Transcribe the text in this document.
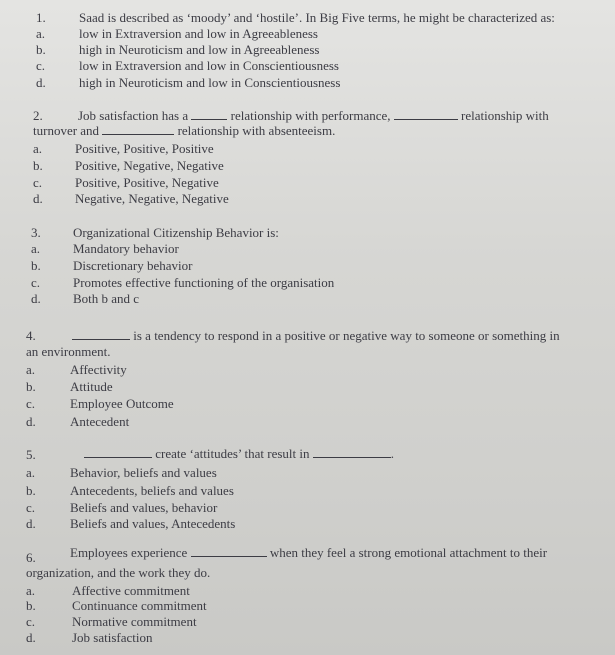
1.	Saad is described as ‘moody’ and ‘hostile’. In Big Five terms, he might be characterized as:
a.	low in Extraversion and low in Agreeableness
b.	high in Neuroticism and low in Agreeableness
c.	low in Extraversion and low in Conscientiousness
d.	high in Neuroticism and low in Conscientiousness
2.	Job satisfaction has a	relationship with performance,	relationship with
turnover and	relationship with absenteeism.
a.	Positive, Positive, Positive
b. Positive, Negative, Negative
c.	Positive, Positive, Negative
d. Negative, Negative, Negative
3. Organizational Citizenship Behavior is:
a.	Mandatory behavior
b. Discretionary behavior
c.	Promotes effective functioning of the organisation
d. Both b and c
4.	is a tendency to respond in a positive or negative way to someone or something in
an environment.
a.	Affectivity
b.	Attitude
c.	Employee Outcome
d.	Antecedent
5.	create ‘attitudes’ that result in	.
a.	Behavior, beliefs and values
b.	Antecedents, beliefs and values
c.	Beliefs and values, behavior
d.	Beliefs and values, Antecedents
6.	Employees experience	when they feel a strong emotional attachment to their
organization, and the work they do.
a.	Affective commitment
b.	Continuance commitment
c.	Normative commitment
d.	Job satisfaction
